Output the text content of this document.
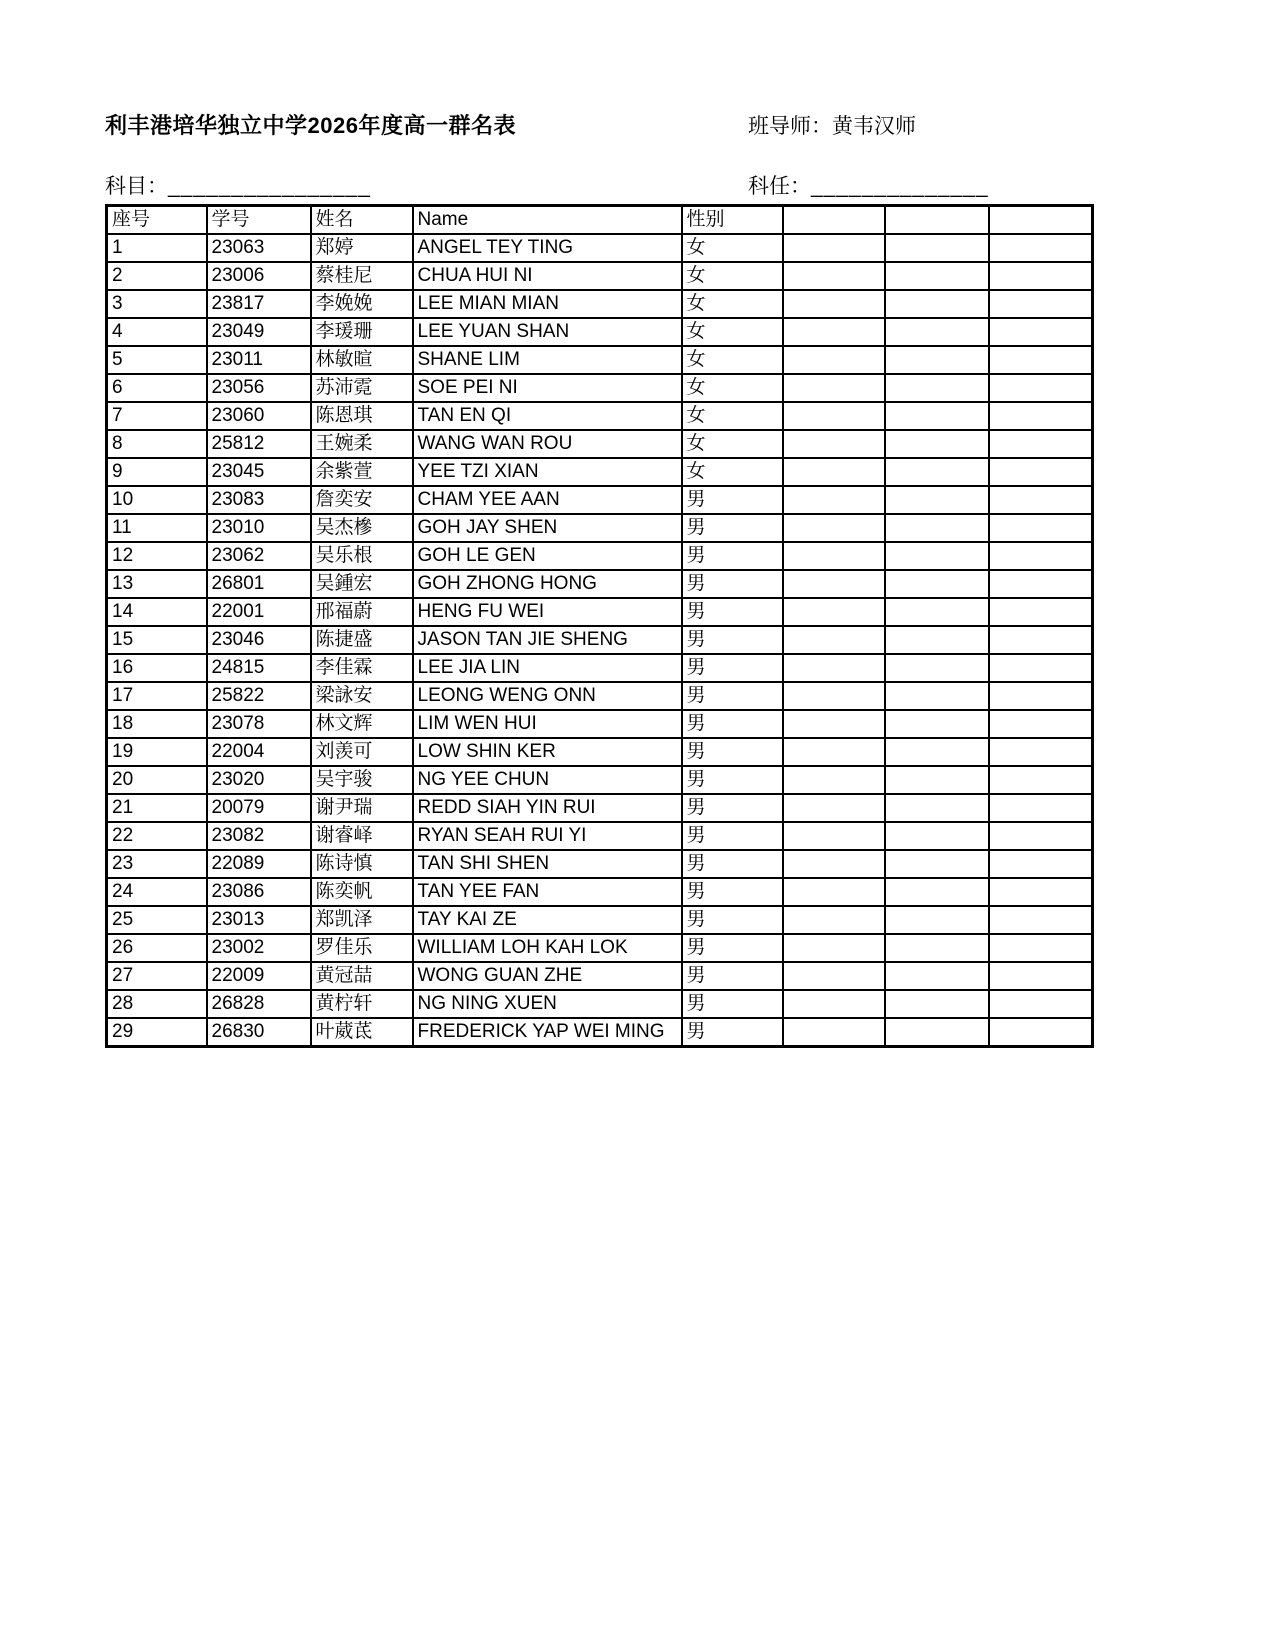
利丰港培华独立中学2026年度高一群名表	班导师：黄韦汉师
科目：________________	科任：______________
座号	学号	姓名	Name	性别			
1	23063	郑婷	ANGEL TEY TING	女			
2	23006	蔡桂尼	CHUA HUI NI	女			
3	23817	李娩娩	LEE MIAN MIAN	女			
4	23049	李瑗珊	LEE YUAN SHAN	女			
5	23011	林敏暄	SHANE LIM	女			
6	23056	苏沛霓	SOE PEI NI	女			
7	23060	陈恩琪	TAN EN QI	女			
8	25812	王婉柔	WANG WAN ROU	女			
9	23045	余紫萱	YEE TZI XIAN	女			
10	23083	詹奕安	CHAM YEE AAN	男			
11	23010	吴杰槮	GOH JAY SHEN	男			
12	23062	吴乐根	GOH LE GEN	男			
13	26801	吴鍾宏	GOH ZHONG HONG	男			
14	22001	邢福蔚	HENG FU WEI	男			
15	23046	陈捷盛	JASON TAN JIE SHENG	男			
16	24815	李佳霖	LEE JIA LIN	男			
17	25822	梁詠安	LEONG WENG ONN	男			
18	23078	林文辉	LIM WEN HUI	男			
19	22004	刘羡可	LOW SHIN KER	男			
20	23020	吴宇骏	NG YEE CHUN	男			
21	20079	谢尹瑞	REDD SIAH YIN RUI	男			
22	23082	谢睿峄	RYAN SEAH RUI YI	男			
23	22089	陈诗慎	TAN SHI SHEN	男			
24	23086	陈奕帆	TAN YEE FAN	男			
25	23013	郑凯泽	TAY KAI ZE	男			
26	23002	罗佳乐	WILLIAM LOH KAH LOK	男			
27	22009	黄冠喆	WONG GUAN ZHE	男			
28	26828	黄柠轩	NG NING XUEN	男			
29	26830	叶葳茋	FREDERICK YAP WEI MING	男			
